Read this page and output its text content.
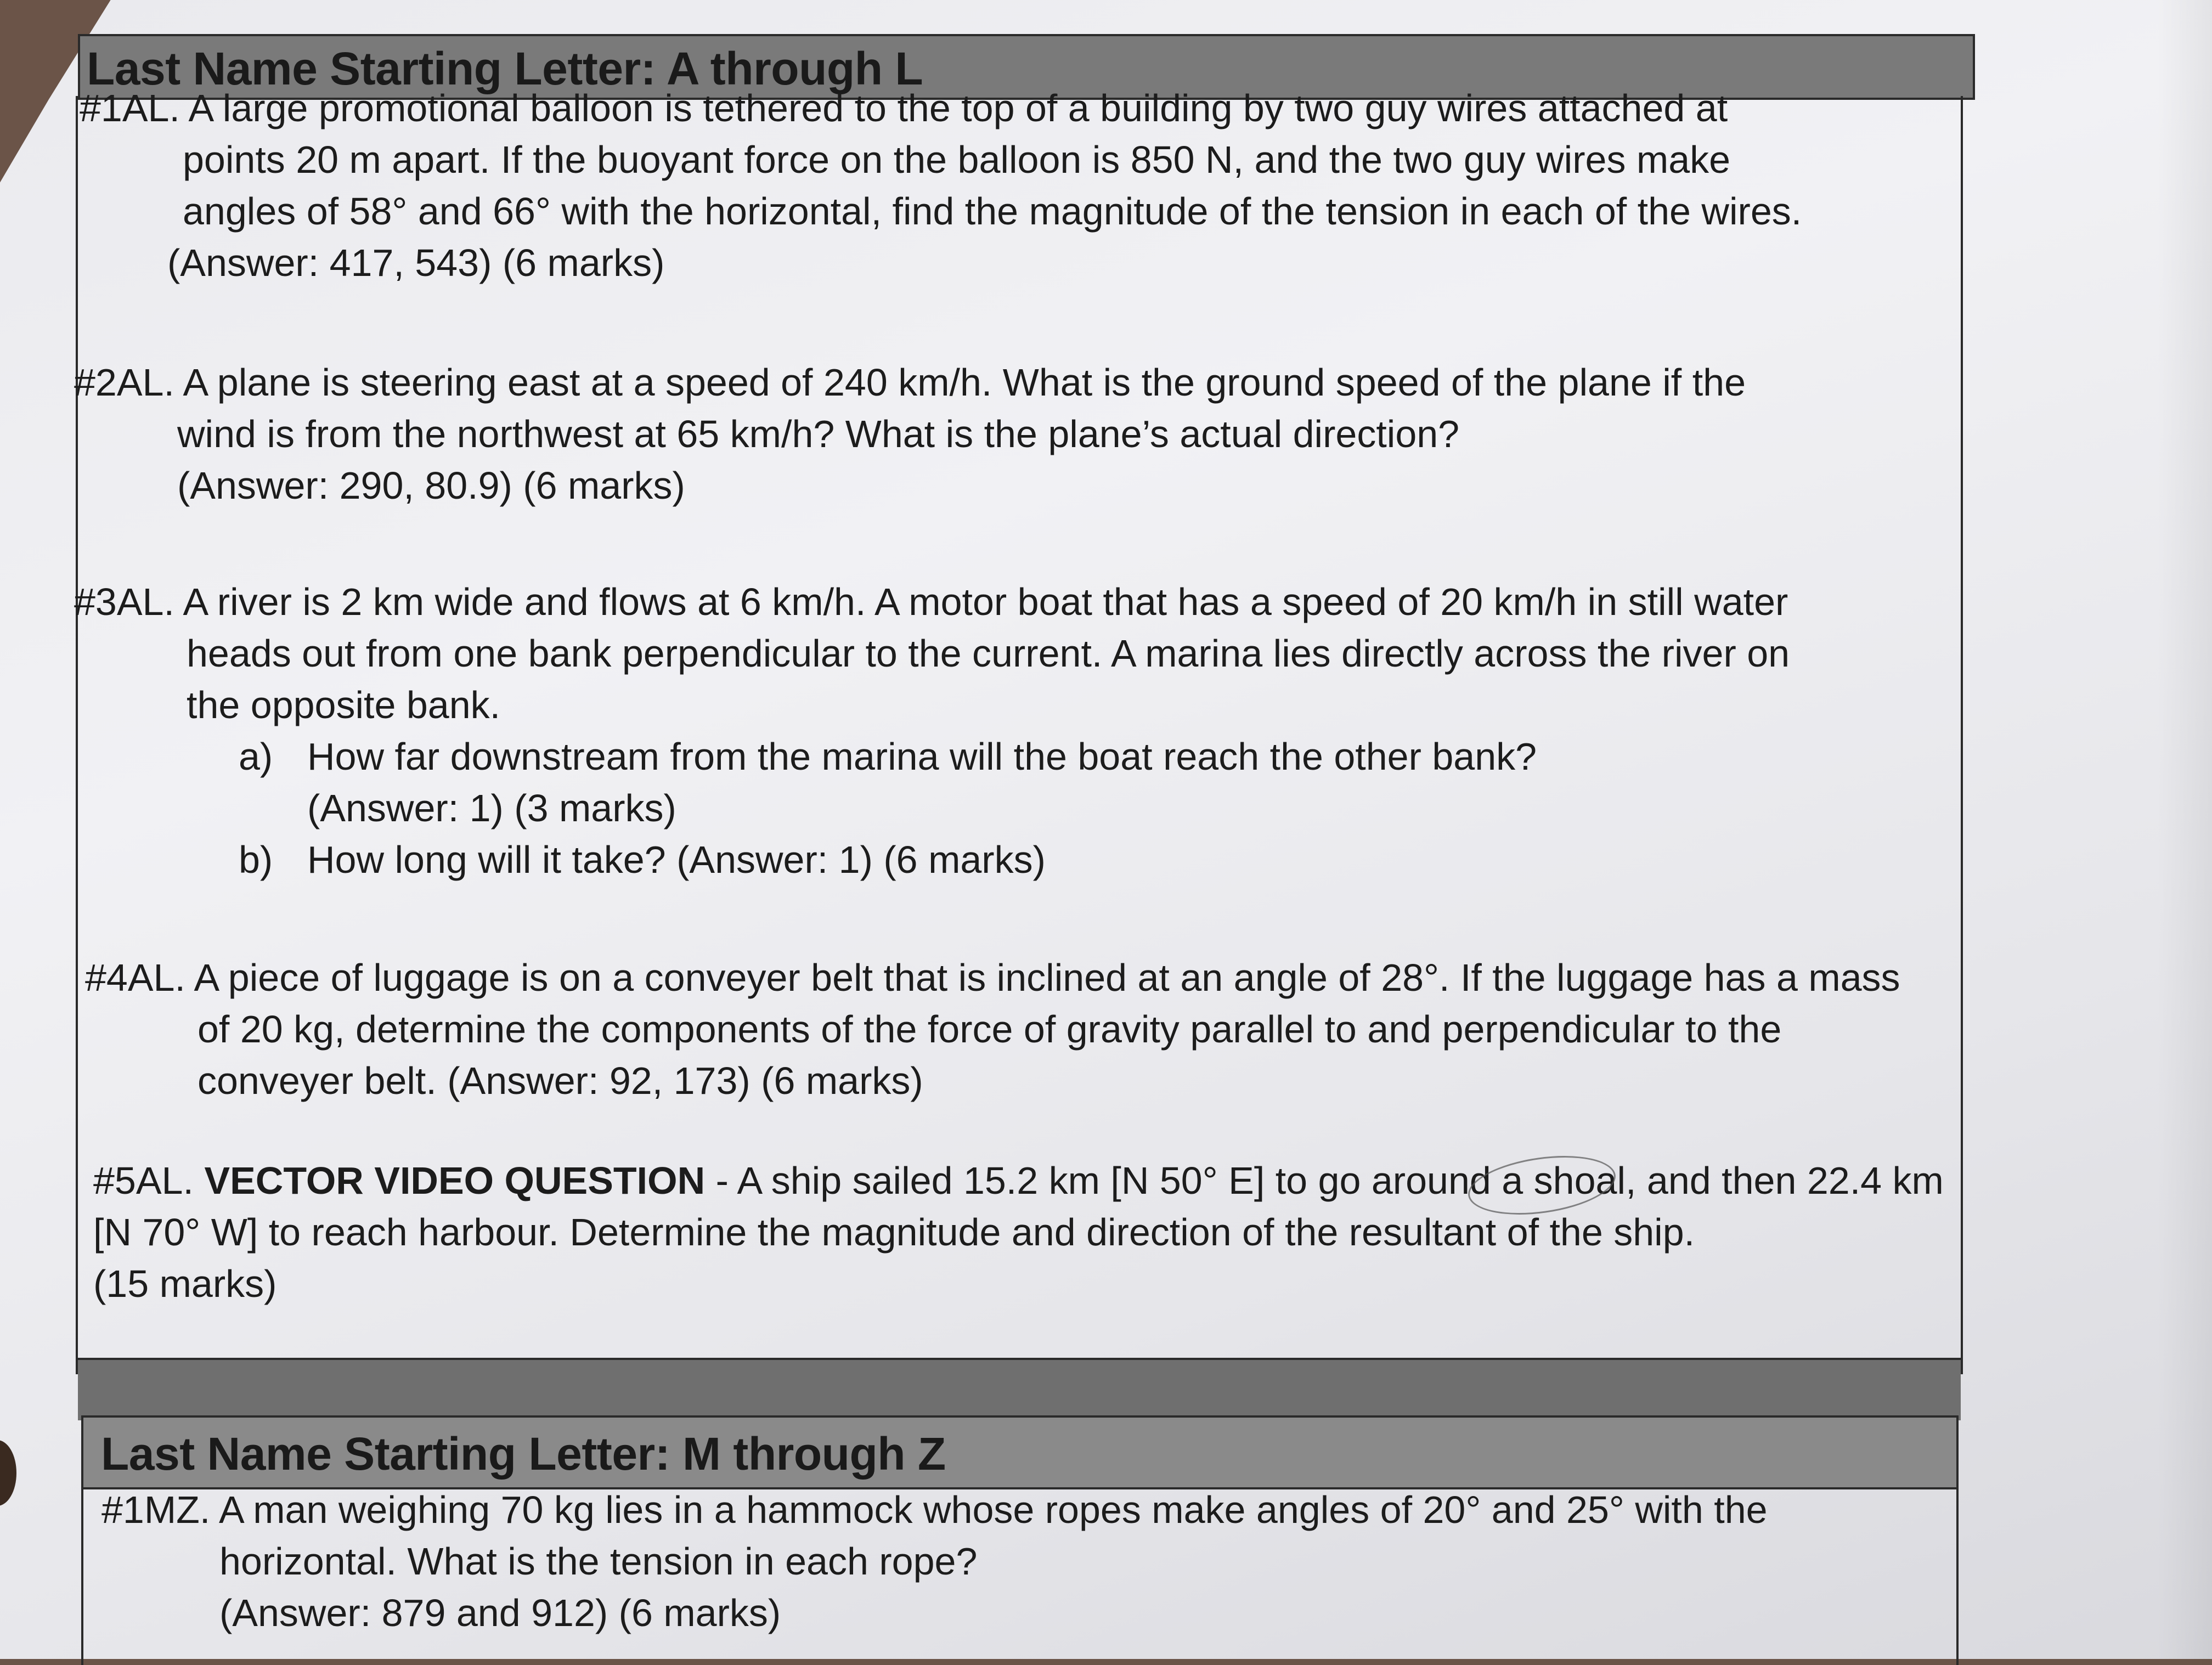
Last Name Starting Letter: A through L
#1AL. A large promotional balloon is tethered to the top of a building by two guy wires attached at
points 20 m apart. If the buoyant force on the balloon is 850 N, and the two guy wires make
angles of 58° and 66° with the horizontal, find the magnitude of the tension in each of the wires.
(Answer: 417, 543) (6 marks)
#2AL. A plane is steering east at a speed of 240 km/h. What is the ground speed of the plane if the
wind is from the northwest at 65 km/h? What is the plane’s actual direction?
(Answer: 290, 80.9) (6 marks)
#3AL. A river is 2 km wide and flows at 6 km/h. A motor boat that has a speed of 20 km/h in still water
heads out from one bank perpendicular to the current. A marina lies directly across the river on
the opposite bank.
a) How far downstream from the marina will the boat reach the other bank?
(Answer: 1) (3 marks)
b) How long will it take? (Answer: 1) (6 marks)
#4AL. A piece of luggage is on a conveyer belt that is inclined at an angle of 28°. If the luggage has a mass
of 20 kg, determine the components of the force of gravity parallel to and perpendicular to the
conveyer belt. (Answer: 92, 173) (6 marks)
#5AL. VECTOR VIDEO QUESTION - A ship sailed 15.2 km [N 50° E] to go around a shoal, and then 22.4 km
[N 70° W] to reach harbour. Determine the magnitude and direction of the resultant of the ship.
(15 marks)
Last Name Starting Letter: M through Z
#1MZ. A man weighing 70 kg lies in a hammock whose ropes make angles of 20° and 25° with the
horizontal. What is the tension in each rope?
(Answer: 879 and 912) (6 marks)
